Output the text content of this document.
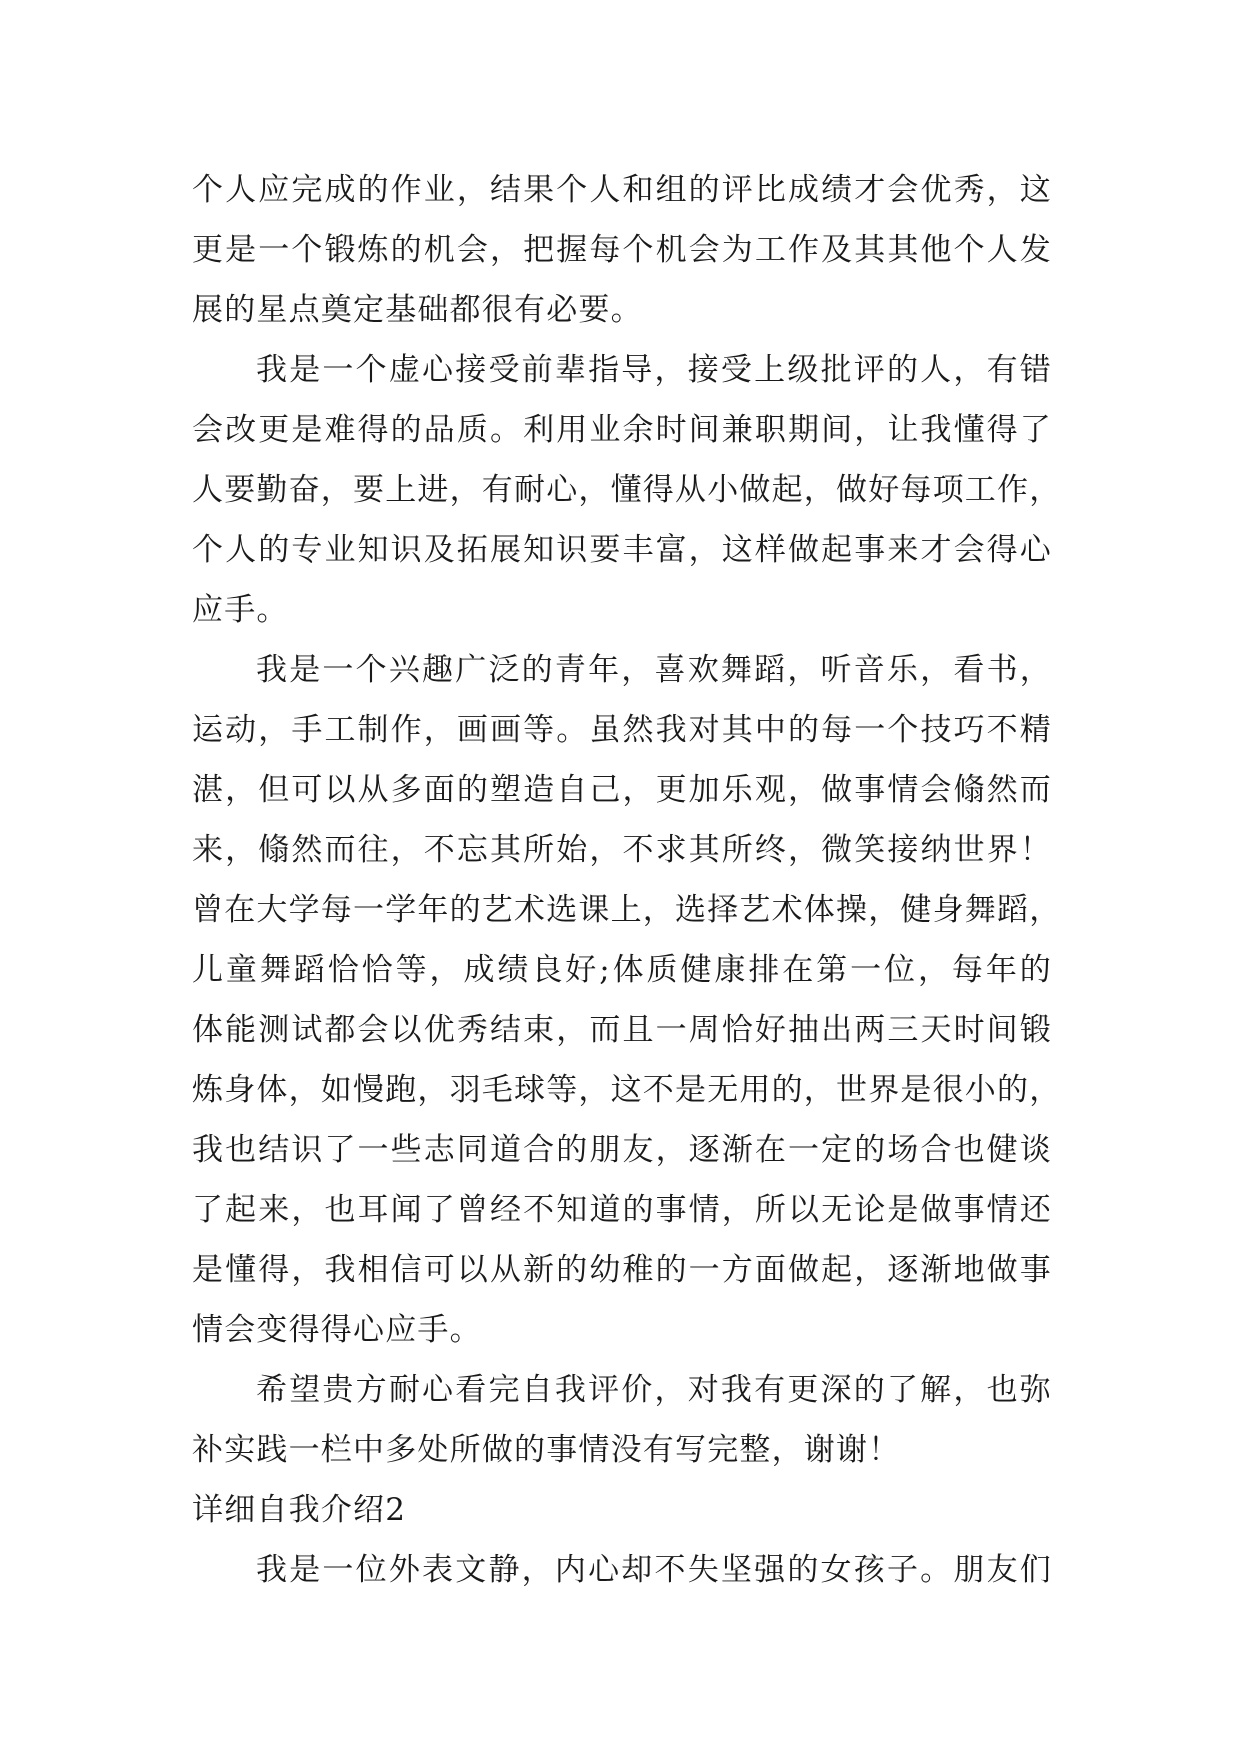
个人应完成的作业，结果个人和组的评比成绩才会优秀，这
更是一个锻炼的机会，把握每个机会为工作及其其他个人发
展的星点奠定基础都很有必要。

我是一个虚心接受前辈指导，接受上级批评的人，有错
会改更是难得的品质。利用业余时间兼职期间，让我懂得了
人要勤奋，要上进，有耐心，懂得从小做起，做好每项工作，
个人的专业知识及拓展知识要丰富，这样做起事来才会得心
应手。

我是一个兴趣广泛的青年，喜欢舞蹈，听音乐，看书，
运动，手工制作，画画等。虽然我对其中的每一个技巧不精
湛，但可以从多面的塑造自己，更加乐观，做事情会翛然而
来，翛然而往，不忘其所始，不求其所终，微笑接纳世界！
曾在大学每一学年的艺术选课上，选择艺术体操，健身舞蹈，
儿童舞蹈恰恰等，成绩良好;体质健康排在第一位，每年的
体能测试都会以优秀结束，而且一周恰好抽出两三天时间锻
炼身体，如慢跑，羽毛球等，这不是无用的，世界是很小的，
我也结识了一些志同道合的朋友，逐渐在一定的场合也健谈
了起来，也耳闻了曾经不知道的事情，所以无论是做事情还
是懂得，我相信可以从新的幼稚的一方面做起，逐渐地做事
情会变得得心应手。

希望贵方耐心看完自我评价，对我有更深的了解，也弥
补实践一栏中多处所做的事情没有写完整，谢谢！

详细自我介绍2

我是一位外表文静，内心却不失坚强的女孩子。朋友们
